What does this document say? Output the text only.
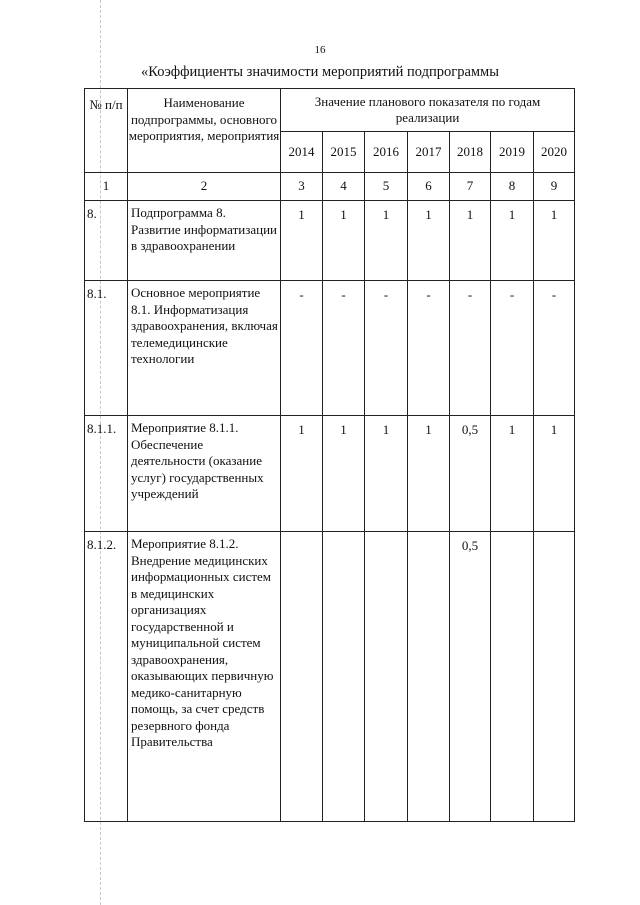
16
«Коэффициенты значимости мероприятий подпрограммы
№ п/п	Наименование подпрограммы, основного мероприятия, мероприятия	Значение планового показателя по годам реализации						
		2014	2015	2016	2017	2018	2019	2020
1	2	3	4	5	6	7	8	9
8.	Подпрограмма 8. Развитие информатизации в здравоохранении	1	1	1	1	1	1	1
8.1.	Основное мероприятие 8.1. Информатизация здравоохранения, включая телемедицинские технологии	-	-	-	-	-	-	-
8.1.1.	Мероприятие 8.1.1. Обеспечение деятельности (оказание услуг) государственных учреждений	1	1	1	1	0,5	1	1
8.1.2.	Мероприятие 8.1.2. Внедрение медицинских информационных систем в медицинских организациях государственной и муниципальной систем здравоохранения, оказывающих первичную медико-санитарную помощь, за счет средств резервного фонда Правительства					0,5		
